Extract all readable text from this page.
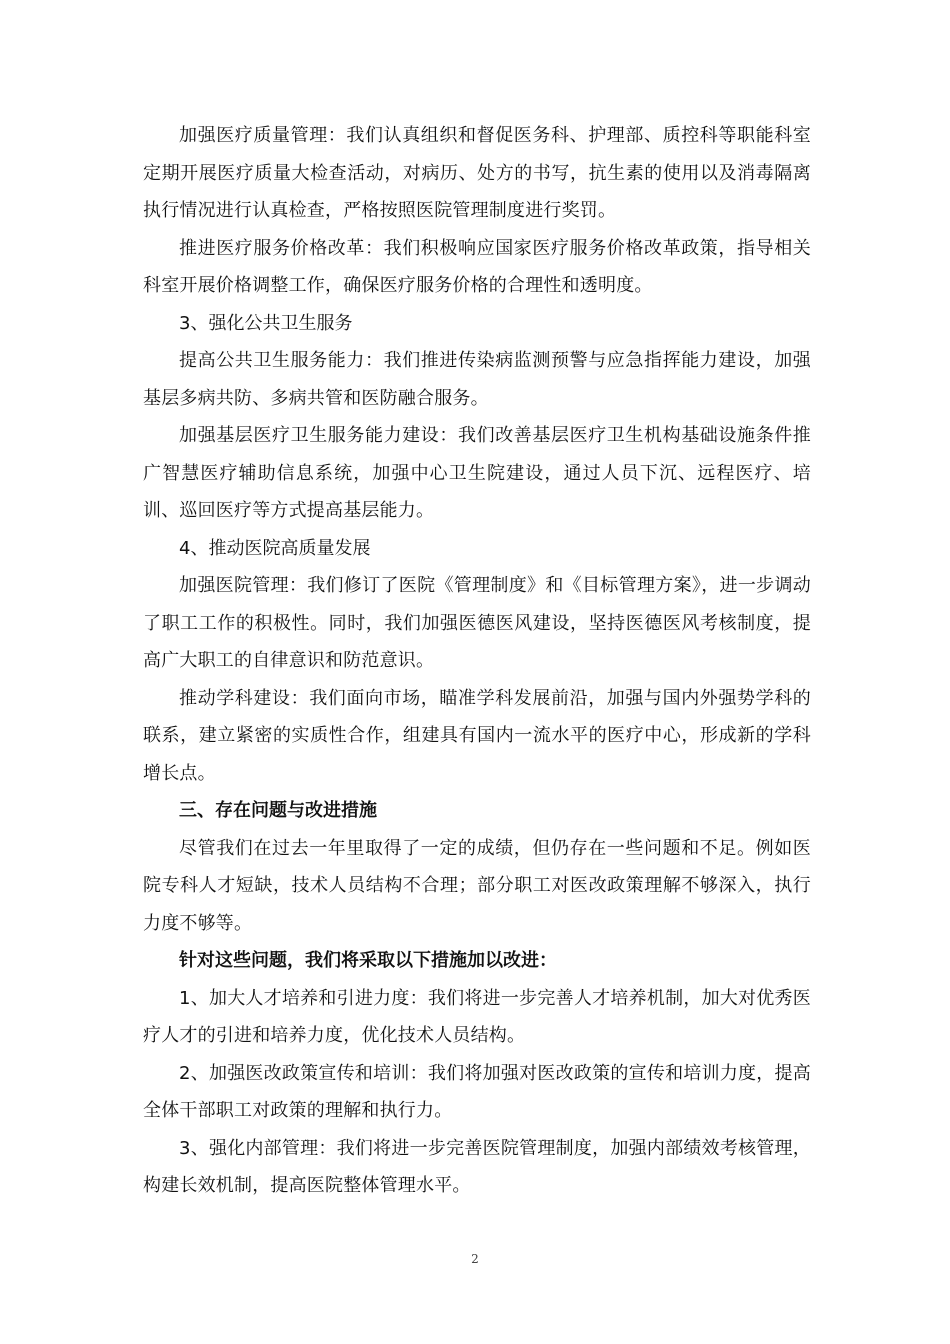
加强医疗质量管理：我们认真组织和督促医务科、护理部、质控科等职能科室定期开展医疗质量大检查活动，对病历、处方的书写，抗生素的使用以及消毒隔离执行情况进行认真检查，严格按照医院管理制度进行奖罚。

推进医疗服务价格改革：我们积极响应国家医疗服务价格改革政策，指导相关科室开展价格调整工作，确保医疗服务价格的合理性和透明度。

3、强化公共卫生服务

提高公共卫生服务能力：我们推进传染病监测预警与应急指挥能力建设，加强基层多病共防、多病共管和医防融合服务。

加强基层医疗卫生服务能力建设：我们改善基层医疗卫生机构基础设施条件推广智慧医疗辅助信息系统，加强中心卫生院建设，通过人员下沉、远程医疗、培训、巡回医疗等方式提高基层能力。

4、推动医院高质量发展

加强医院管理：我们修订了医院《管理制度》和《目标管理方案》，进一步调动了职工工作的积极性。同时，我们加强医德医风建设，坚持医德医风考核制度，提高广大职工的自律意识和防范意识。

推动学科建设：我们面向市场，瞄准学科发展前沿，加强与国内外强势学科的联系，建立紧密的实质性合作，组建具有国内一流水平的医疗中心，形成新的学科增长点。

三、存在问题与改进措施

尽管我们在过去一年里取得了一定的成绩，但仍存在一些问题和不足。例如医院专科人才短缺，技术人员结构不合理；部分职工对医改政策理解不够深入，执行力度不够等。

针对这些问题，我们将采取以下措施加以改进：

1、加大人才培养和引进力度：我们将进一步完善人才培养机制，加大对优秀医疗人才的引进和培养力度，优化技术人员结构。

2、加强医改政策宣传和培训：我们将加强对医改政策的宣传和培训力度，提高全体干部职工对政策的理解和执行力。

3、强化内部管理：我们将进一步完善医院管理制度，加强内部绩效考核管理，构建长效机制，提高医院整体管理水平。

2
